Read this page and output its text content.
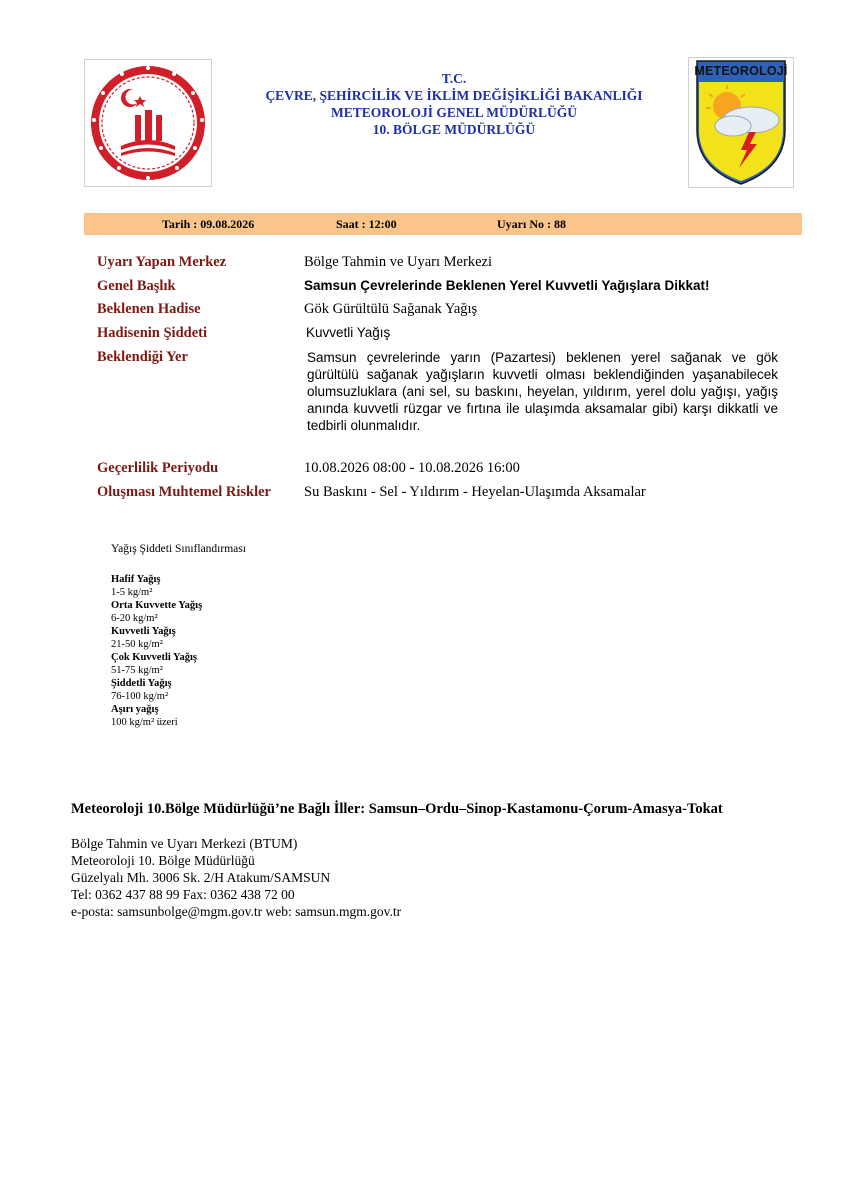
T.C.
ÇEVRE, ŞEHİRCİLİK VE İKLİM DEĞİŞİKLİĞİ BAKANLIĞI
METEOROLOJİ GENEL MÜDÜRLÜĞÜ
10. BÖLGE MÜDÜRLÜĞÜ
METEOROLOJİ
Tarih : 09.08.2026	Saat : 12:00	Uyarı No : 88
Uyarı Yapan Merkez	Bölge Tahmin ve Uyarı Merkezi
Genel Başlık	Samsun Çevrelerinde Beklenen Yerel Kuvvetli Yağışlara Dikkat!
Beklenen Hadise	Gök Gürültülü Sağanak Yağış
Hadisenin Şiddeti	Kuvvetli Yağış
Beklendiği Yer	Samsun çevrelerinde yarın (Pazartesi) beklenen yerel sağanak ve gök gürültülü sağanak yağışların kuvvetli olması beklendiğinden yaşanabilecek olumsuzluklara (ani sel, su baskını, heyelan, yıldırım, yerel dolu yağışı, yağış anında kuvvetli rüzgar ve fırtına ile ulaşımda aksamalar gibi) karşı dikkatli ve tedbirli olunmalıdır.

Geçerlilik Periyodu	10.08.2026 08:00 - 10.08.2026 16:00
Oluşması Muhtemel Riskler Su Baskını - Sel - Yıldırım - Heyelan-Ulaşımda Aksamalar
Yağış Şiddeti Sınıflandırması
Hafif Yağış
1-5 kg/m²
Orta Kuvvette Yağış
6-20 kg/m²
Kuvvetli Yağış
21-50 kg/m²
Çok Kuvvetli Yağış
51-75 kg/m²
Şiddetli Yağış
76-100 kg/m²
Aşırı yağış
100 kg/m² üzeri
Meteoroloji 10.Bölge Müdürlüğü’ne Bağlı İller: Samsun–Ordu–Sinop-Kastamonu-Çorum-Amasya-Tokat
Bölge Tahmin ve Uyarı Merkezi (BTUM)
Meteoroloji 10. Bölge Müdürlüğü
Güzelyalı Mh. 3006 Sk. 2/H Atakum/SAMSUN
Tel: 0362 437 88 99 Fax: 0362 438 72 00
e-posta: samsunbolge@mgm.gov.tr web: samsun.mgm.gov.tr
